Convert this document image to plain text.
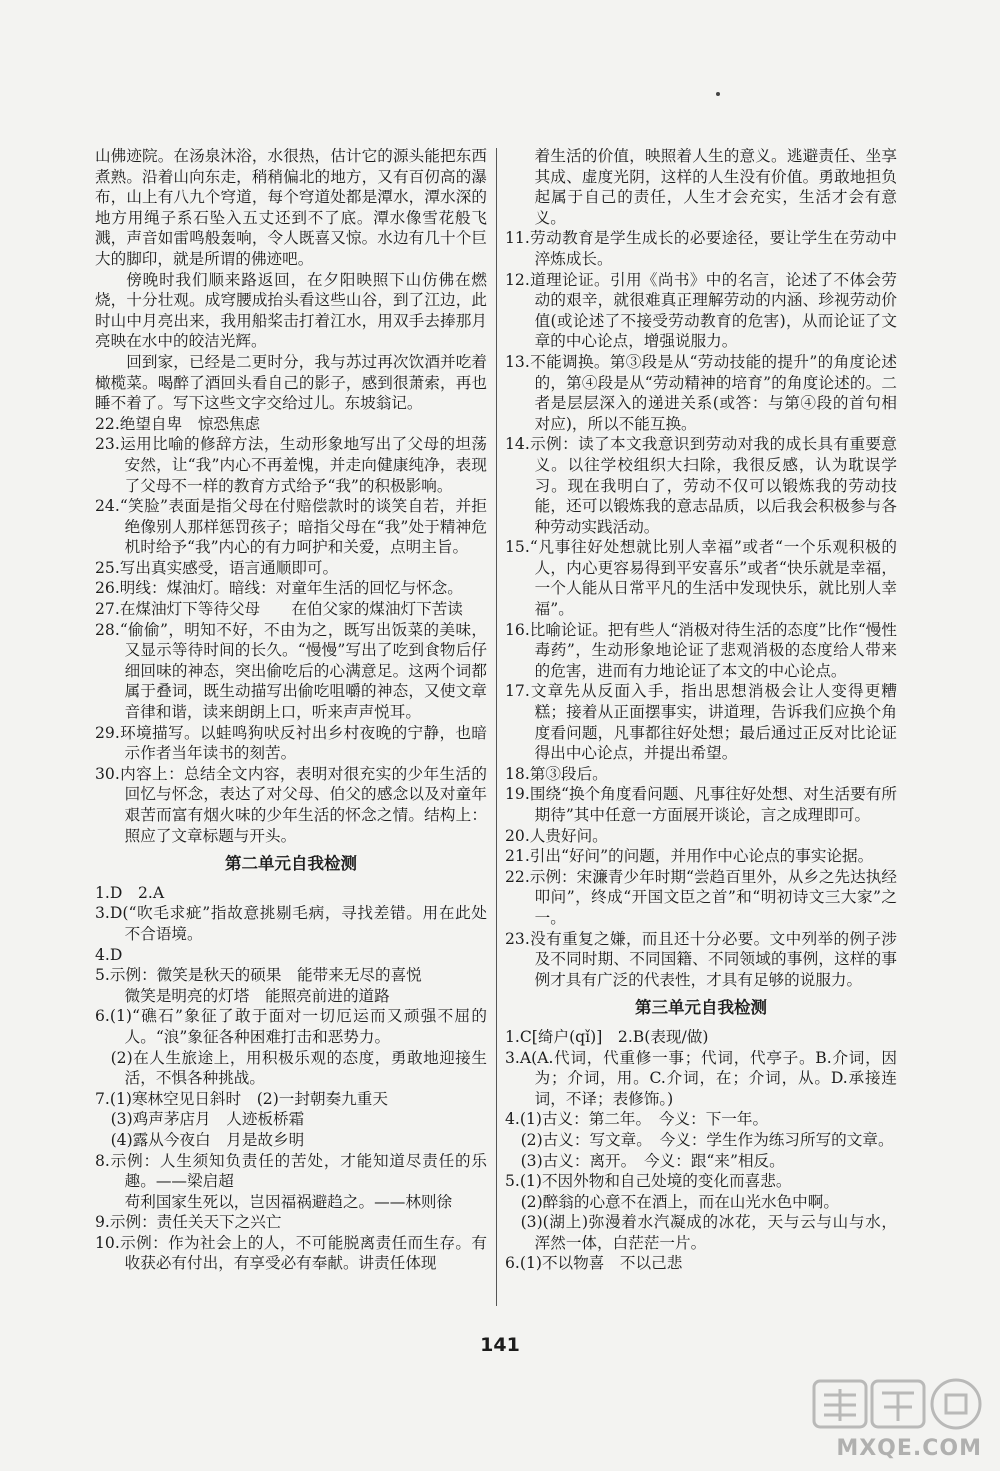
山佛迹院。在汤泉沐浴，水很热，估计它的源头能把东西煮熟。沿着山向东走，稍稍偏北的地方，又有百仞高的瀑布，山上有八九个穹道，每个穹道处都是潭水，潭水深的地方用绳子系石坠入五丈还到不了底。潭水像雪花般飞溅，声音如雷鸣般轰响，令人既喜又惊。水边有几十个巨大的脚印，就是所谓的佛迹吧。

傍晚时我们顺来路返回，在夕阳映照下山仿佛在燃烧，十分壮观。成穹腰成抬头看这些山谷，到了江边，此时山中月亮出来，我用船桨击打着江水，用双手去捧那月亮映在水中的皎洁光辉。

回到家，已经是二更时分，我与苏过再次饮酒并吃着橄榄菜。喝醉了酒回头看自己的影子，感到很萧索，再也睡不着了。写下这些文字交给过儿。东坡翁记。

22.绝望自卑　惊恐焦虑

23.运用比喻的修辞方法，生动形象地写出了父母的坦荡安然，让“我”内心不再羞愧，并走向健康纯净，表现了父母不一样的教育方式给予“我”的积极影响。

24.“笑脸”表面是指父母在付赔偿款时的谈笑自若，并拒绝像别人那样惩罚孩子；暗指父母在“我”处于精神危机时给予“我”内心的有力呵护和关爱，点明主旨。

25.写出真实感受，语言通顺即可。

26.明线：煤油灯。暗线：对童年生活的回忆与怀念。

27.在煤油灯下等待父母　　在伯父家的煤油灯下苦读

28.“偷偷”，明知不好，不由为之，既写出饭菜的美味，又显示等待时间的长久。“慢慢”写出了吃到食物后仔细回味的神态，突出偷吃后的心满意足。这两个词都属于叠词，既生动描写出偷吃咀嚼的神态，又使文章音律和谐，读来朗朗上口，听来声声悦耳。

29.环境描写。以蛙鸣狗吠反衬出乡村夜晚的宁静，也暗示作者当年读书的刻苦。

30.内容上：总结全文内容，表明对很充实的少年生活的回忆与怀念，表达了对父母、伯父的感念以及对童年艰苦而富有烟火味的少年生活的怀念之情。结构上：照应了文章标题与开头。

第二单元自我检测

1.D　2.A

3.D(“吹毛求疵”指故意挑剔毛病，寻找差错。用在此处不合语境。

4.D

5.示例：微笑是秋天的硕果　能带来无尽的喜悦

微笑是明亮的灯塔　能照亮前进的道路

6.(1)“礁石”象征了敢于面对一切厄运而又顽强不屈的人。“浪”象征各种困难打击和恶势力。

(2)在人生旅途上，用积极乐观的态度，勇敢地迎接生活，不惧各种挑战。

7.(1)寒林空见日斜时　(2)一封朝奏九重天

(3)鸡声茅店月　人迹板桥霜

(4)露从今夜白　月是故乡明

8.示例：人生须知负责任的苦处，才能知道尽责任的乐趣。——梁启超

苟利国家生死以，岂因福祸避趋之。——林则徐

9.示例：责任关天下之兴亡

10.示例：作为社会上的人，不可能脱离责任而生存。有收获必有付出，有享受必有奉献。讲责任体现

着生活的价值，映照着人生的意义。逃避责任、坐享其成、虚度光阴，这样的人生没有价值。勇敢地担负起属于自己的责任，人生才会充实，生活才会有意义。

11.劳动教育是学生成长的必要途径，要让学生在劳动中淬炼成长。

12.道理论证。引用《尚书》中的名言，论述了不体会劳动的艰辛，就很难真正理解劳动的内涵、珍视劳动价值(或论述了不接受劳动教育的危害)，从而论证了文章的中心论点，增强说服力。

13.不能调换。第③段是从“劳动技能的提升”的角度论述的，第④段是从“劳动精神的培育”的角度论述的。二者是层层深入的递进关系(或答：与第④段的首句相对应)，所以不能互换。

14.示例：读了本文我意识到劳动对我的成长具有重要意义。以往学校组织大扫除，我很反感，认为耽误学习。现在我明白了，劳动不仅可以锻炼我的劳动技能，还可以锻炼我的意志品质，以后我会积极参与各种劳动实践活动。

15.“凡事往好处想就比别人幸福”或者“一个乐观积极的人，内心更容易得到平安喜乐”或者“快乐就是幸福，一个人能从日常平凡的生活中发现快乐，就比别人幸福”。

16.比喻论证。把有些人“消极对待生活的态度”比作“慢性毒药”，生动形象地论证了悲观消极的态度给人带来的危害，进而有力地论证了本文的中心论点。

17.文章先从反面入手，指出思想消极会让人变得更糟糕；接着从正面摆事实，讲道理，告诉我们应换个角度看问题，凡事都往好处想；最后通过正反对比论证得出中心论点，并提出希望。

18.第③段后。

19.围绕“换个角度看问题、凡事往好处想、对生活要有所期待”其中任意一方面展开谈论，言之成理即可。

20.人贵好问。

21.引出“好问”的问题，并用作中心论点的事实论据。

22.示例：宋濂青少年时期“尝趋百里外，从乡之先达执经叩问”，终成“开国文臣之首”和“明初诗文三大家”之一。

23.没有重复之嫌，而且还十分必要。文中列举的例子涉及不同时期、不同国籍、不同领域的事例，这样的事例才具有广泛的代表性，才具有足够的说服力。

第三单元自我检测

1.C[绮户(qǐ)]　2.B(表现/做)

3.A(A.代词，代重修一事；代词，代亭子。B.介词，因为；介词，用。C.介词，在；介词，从。D.承接连词，不译；表修饰。)

4.(1)古义：第二年。　今义：下一年。

(2)古义：写文章。　今义：学生作为练习所写的文章。

(3)古义：离开。　今义：跟“来”相反。

5.(1)不因外物和自己处境的变化而喜悲。

(2)醉翁的心意不在酒上，而在山光水色中啊。

(3)(湖上)弥漫着水汽凝成的冰花，天与云与山与水，浑然一体，白茫茫一片。

6.(1)不以物喜　不以己悲

141
MXQE.COM
